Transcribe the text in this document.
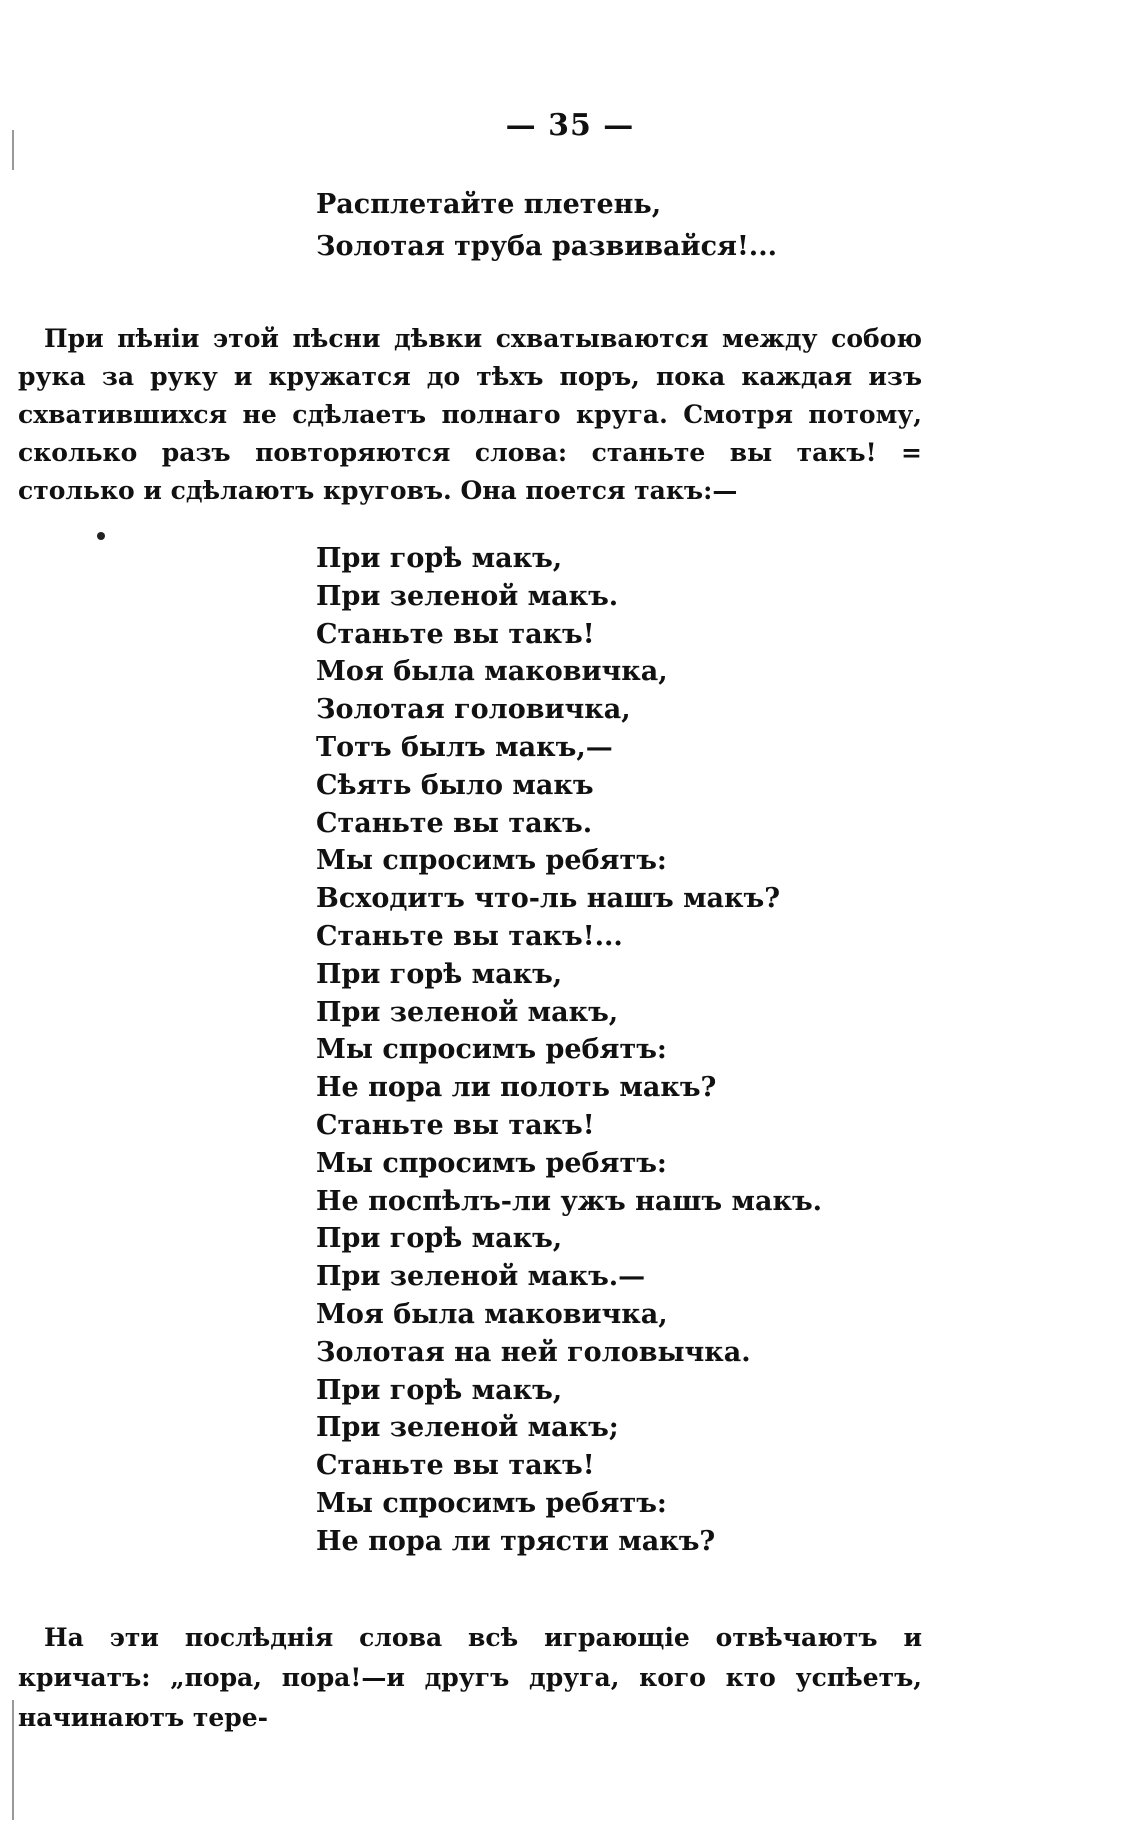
— 35 —
Расплетайте плетень,
Золотая труба развивайся!...

При пѣніи этой пѣсни дѣвки схватываются между собою рука за руку и кружатся до тѣхъ поръ, пока каждая изъ схватившихся не сдѣлаетъ полнаго круга. Смотря потому, сколько разъ повторяются слова: станьте вы такъ! = столько и сдѣлаютъ круговъ. Она поется такъ:—

При горѣ макъ,
При зеленой макъ.
Станьте вы такъ!
Моя была маковичка,
Золотая головичка,
Тотъ былъ макъ,—
Сѣять было макъ
Станьте вы такъ.
Мы спросимъ ребятъ:
Всходитъ что-ль нашъ макъ?
Станьте вы такъ!...
При горѣ макъ,
При зеленой макъ,
Мы спросимъ ребятъ:
Не пора ли полоть макъ?
Станьте вы такъ!
Мы спросимъ ребятъ:
Не поспѣлъ-ли ужъ нашъ макъ.
При горѣ макъ,
При зеленой макъ.—
Моя была маковичка,
Золотая на ней головычка.
При горѣ макъ,
При зеленой макъ;
Станьте вы такъ!
Мы спросимъ ребятъ:
Не пора ли трясти макъ?

На эти послѣднія слова всѣ играющіе отвѣчаютъ и кричатъ: „пора, пора!—и другъ друга, кого кто успѣетъ, начинаютъ тере-
